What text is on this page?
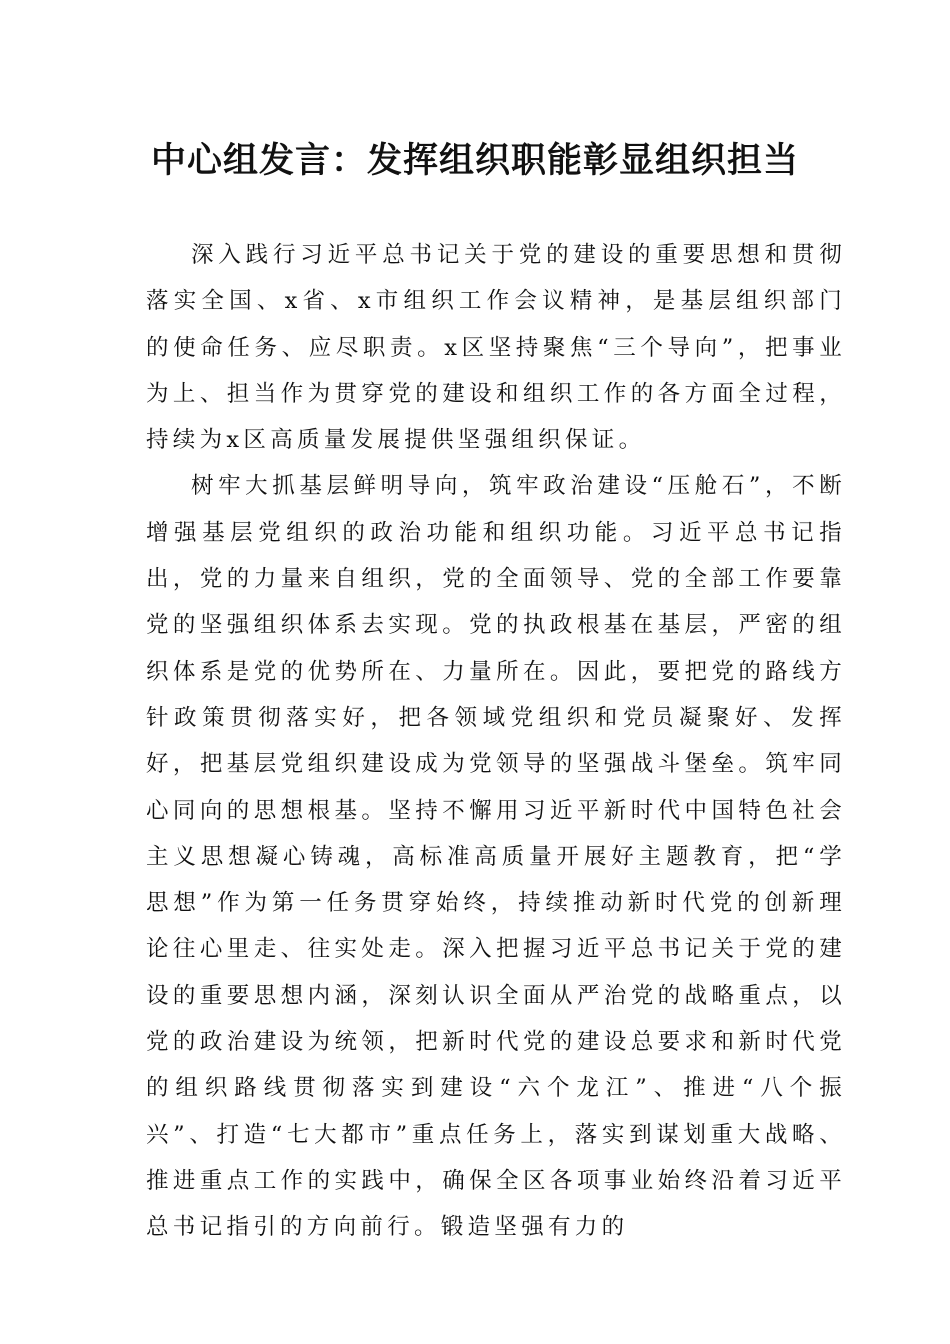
中心组发言：发挥组织职能彰显组织担当

深入践行习近平总书记关于党的建设的重要思想和贯彻落实全国、x省、x市组织工作会议精神，是基层组织部门的使命任务、应尽职责。x区坚持聚焦“三个导向”，把事业为上、担当作为贯穿党的建设和组织工作的各方面全过程，持续为x区高质量发展提供坚强组织保证。

树牢大抓基层鲜明导向，筑牢政治建设“压舱石”，不断增强基层党组织的政治功能和组织功能。习近平总书记指出，党的力量来自组织，党的全面领导、党的全部工作要靠党的坚强组织体系去实现。党的执政根基在基层，严密的组织体系是党的优势所在、力量所在。因此，要把党的路线方针政策贯彻落实好，把各领域党组织和党员凝聚好、发挥好，把基层党组织建设成为党领导的坚强战斗堡垒。筑牢同心同向的思想根基。坚持不懈用习近平新时代中国特色社会主义思想凝心铸魂，高标准高质量开展好主题教育，把“学思想”作为第一任务贯穿始终，持续推动新时代党的创新理论往心里走、往实处走。深入把握习近平总书记关于党的建设的重要思想内涵，深刻认识全面从严治党的战略重点，以党的政治建设为统领，把新时代党的建设总要求和新时代党的组织路线贯彻落实到建设“六个龙江”、推进“八个振兴”、打造“七大都市”重点任务上，落实到谋划重大战略、推进重点工作的实践中，确保全区各项事业始终沿着习近平总书记指引的方向前行。锻造坚强有力的
